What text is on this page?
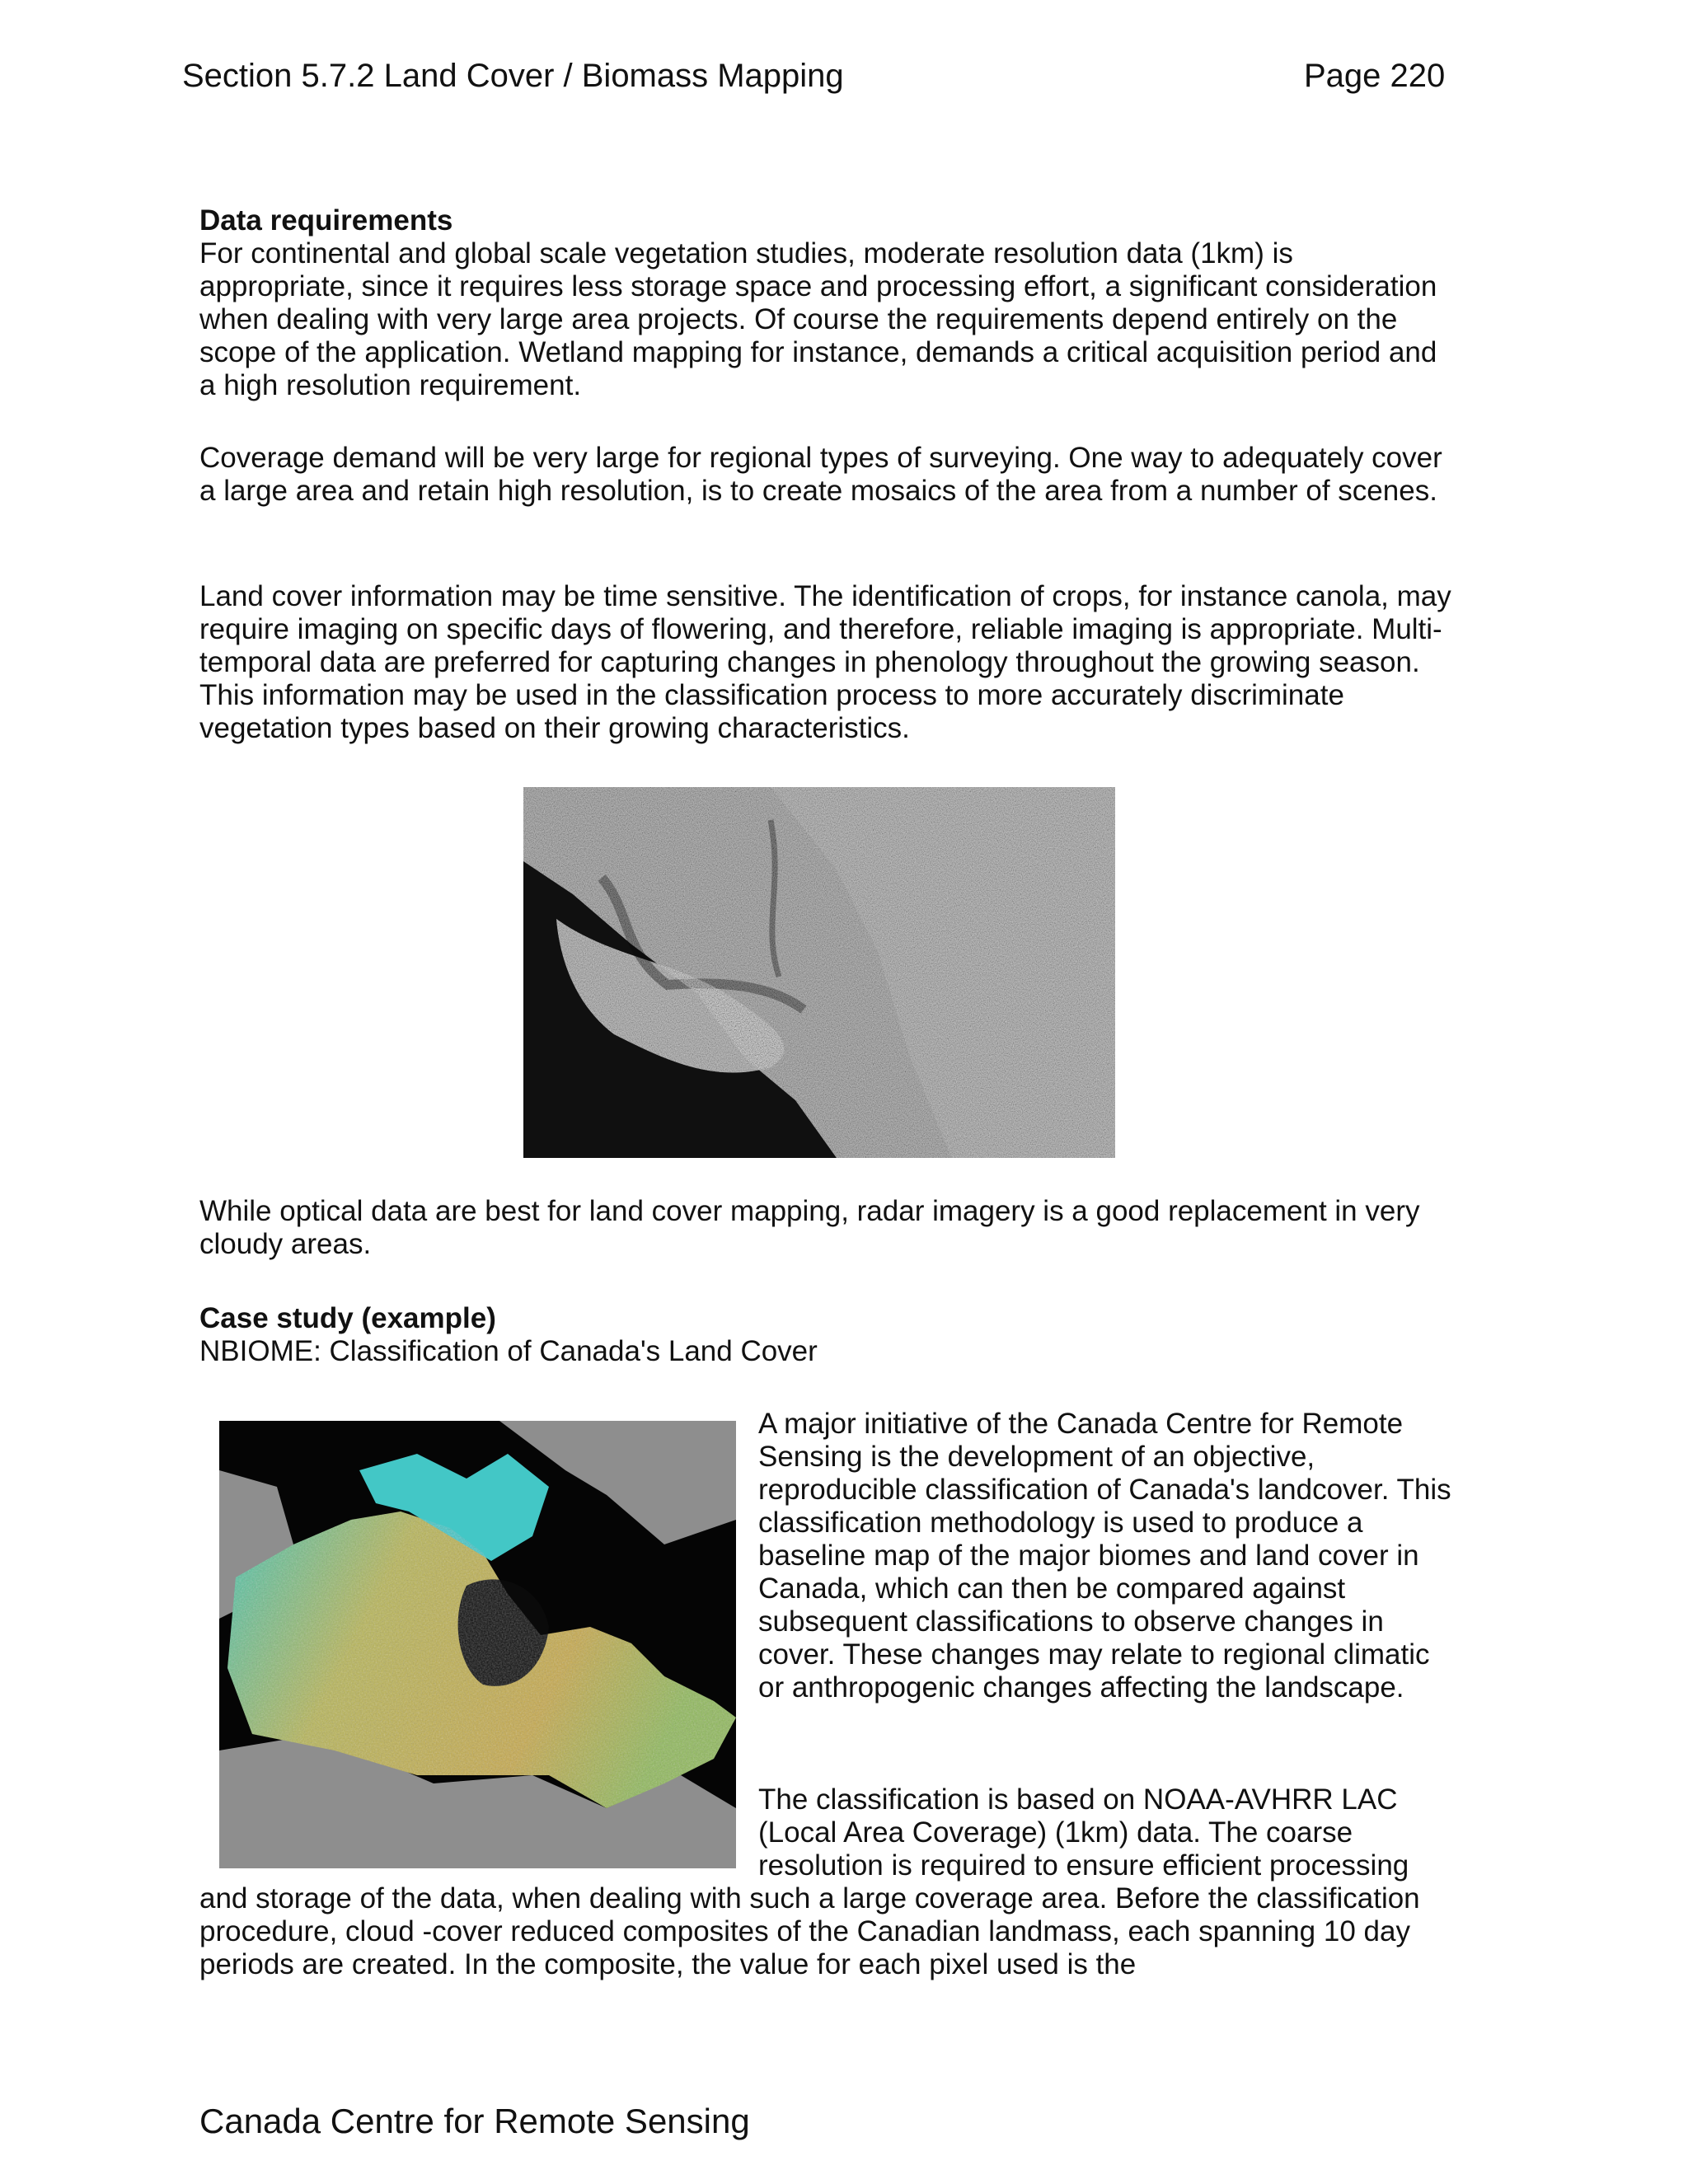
Section 5.7.2 Land Cover / Biomass Mapping	Page 220
Data requirements

For continental and global scale vegetation studies, moderate resolution data (1km) is appropriate, since it requires less storage space and processing effort, a significant consideration when dealing with very large area projects. Of course the requirements depend entirely on the scope of the application. Wetland mapping for instance, demands a critical acquisition period and a high resolution requirement.

Coverage demand will be very large for regional types of surveying. One way to adequately cover a large area and retain high resolution, is to create mosaics of the area from a number of scenes.

Land cover information may be time sensitive. The identification of crops, for instance canola, may require imaging on specific days of flowering, and therefore, reliable imaging is appropriate. Multi-temporal data are preferred for capturing changes in phenology throughout the growing season. This information may be used in the classification process to more accurately discriminate vegetation types based on their growing characteristics.

While optical data are best for land cover mapping, radar imagery is a good replacement in very cloudy areas.

Case study (example)
NBIOME: Classification of Canada's Land Cover

A major initiative of the Canada Centre for Remote Sensing is the development of an objective, reproducible classification of Canada's landcover. This classification methodology is used to produce a baseline map of the major biomes and land cover in Canada, which can then be compared against subsequent classifications to observe changes in cover. These changes may relate to regional climatic or anthropogenic changes affecting the landscape.

The classification is based on NOAA-AVHRR LAC (Local Area Coverage) (1km) data. The coarse resolution is required to ensure efficient processing

and storage of the data, when dealing with such a large coverage area. Before the classification procedure, cloud -cover reduced composites of the Canadian landmass, each spanning 10 day periods are created. In the composite, the value for each pixel used is the

Canada Centre for Remote Sensing
